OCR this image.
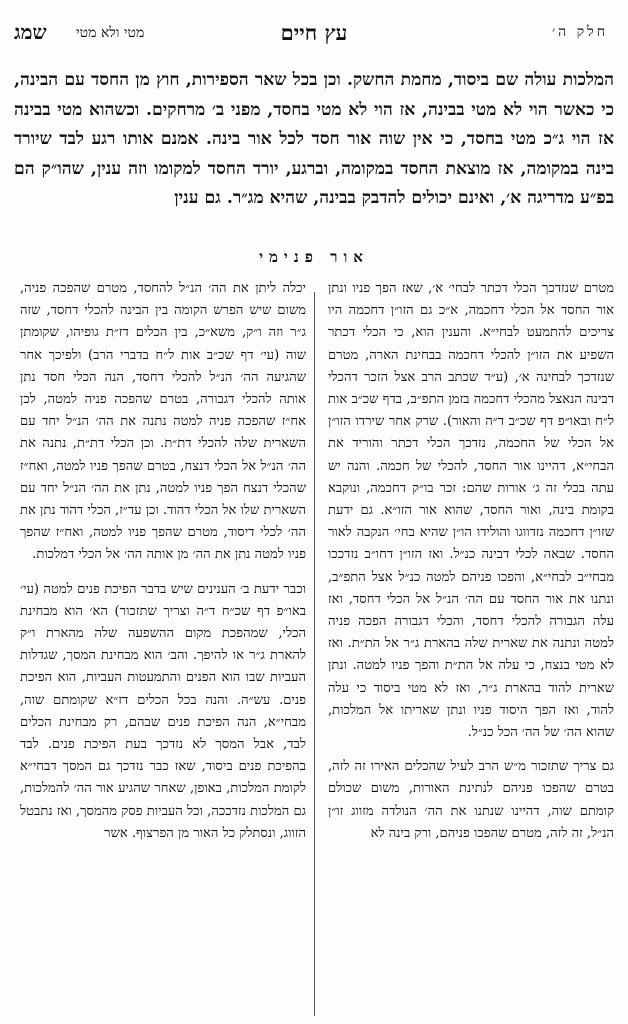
חלק ה׳
עץ חיים
מטי ולא מטי
שמג
המלכות עולה שם ביסוד, מחמת החשק. וכן בכל שאר הספירות, חוץ מן החסד עם הבינה, כי כאשר הוי לא מטי בבינה, אז הוי לא מטי בחסד, מפני ב׳ מרחקים. וכשהוא מטי בבינה אז הוי ג״כ מטי בחסד, כי אין שוה אור חסד לכל אור בינה. אמנם אותו רגע לבד שיורד בינה במקומה, אז מוצאת החסד במקומה, וברגע, יורד החסד למקומו וזה ענין, שהו״ק הם בפ״ע מדריגה א׳, ואינם יכולים להדבק בבינה, שהיא מג״ר. גם ענין
אור פנימי

מטרם שנזדכך הכלי דכתר לבחי׳ א׳, שאז הפך פניו ונתן אור החסד אל הכלי דחכמה, א״כ גם הזו״ן דחכמה היו צריכים להתמעט לבחי״א. והענין הוא, כי הכלי דכתר השפיע את הזו״ן להכלי דחכמה בבחינת הארה, מטרם שנזדכך לבחינה א׳, (ע״ד שכתב הרב אצל הזכר דהכלי דבינה הנאצל מהכלי דחכמה בזמן התפ״ב, בדף שכ״ב אות ל״ח ובאו״פ דף שכ״ב ד״ה והאור). שרק אחר שירדו הזו״ן אל הכלי של החכמה, נזדכך הכלי דכתר והוריד את הבחי״א, דהיינו אור החסד, להכלי של חכמה. והנה יש עתה בכלי זה ג׳ אורות שהם: זכר בו״ק דחכמה, ונוקבא בקומת בינה, ואור החסד, שהוא אור הזו״א. גם ידעת שזו״ן דחכמה נזדווגו והולידו הו״ן שהיא בחי׳ הנקבה לאור החסד. שבאה לכלי דבינה כנ״ל. ואז הזו״ן דחו״ב נזדככו מבחי״ב לבחי״א, והפכו פניהם למטה כנ״ל אצל התפ״ב, ונתנו את אור החסד עם הה׳ הנ״ל אל הכלי דחסד, ואז עלה הגבורה להכלי דחסד, והכלי דגבורה הפכה פניה למטה ונתנה את שארית שלה בהארת ג״ר אל הת״ת. ואז לא מטי בנצח, כי עלה אל הת״ת והפך פניו למטה. ונתן שארית להוד בהארת ג״ר, ואז לא מטי ביסוד כי עלה להוד, ואז הפך היסוד פניו ונתן שאריתו אל המלכות, שהוא הה׳ של הה׳ הכל כנ״ל.

גם צריך שתזכור מ״ש הרב לעיל שהכלים האירו זה לזה, בטרם שהפכו פניהם לנתינת האורות, משום שכולם קומתם שוה, דהיינו שנתנו את הה׳ הנולדה מזווג זו״ן הנ״ל, זה לזה, מטרם שהפכו פניהם, ורק בינה לא

יכלה ליתן את הה׳ הנ״ל להחסד, מטרם שהפכה פניה, משום שיש הפרש הקומה בין הבינה להכלי דחסד, שזה ג״ר וזה ו״ק, משא״כ, בין הכלים דז״ת גופיהו, שקומתן שוה (עי׳ דף שכ״ב אות ל״ח בדברי הרב) ולפיכך אחר שהגיעה הה׳ הנ״ל להכלי דחסד, הנה הכלי חסד נתן אותה להכלי דגבורה, בטרם שהפכה פניה למטה, לכן אח״ז שהפכה פניה למטה נתנה את הה׳ הנ״ל יחד עם השארית שלה להכלי דת״ת. וכן הכלי דת״ת, נתנה את הה׳ הנ״ל אל הכלי דנצח, בטרם שהפך פניו למטה, ואח״ז שהכלי דנצח הפך פניו למטה, נתן את הה׳ הנ״ל יחד עם השארית שלו אל הכלי דהוד. וכן עד״ז, הכלי דהוד נתן את הה׳ לכלי דיסוד, מטרם שהפך פניו למטה, ואח״ז שהפך פניו למטה נתן את הה׳ מן אותה הה׳ אל הכלי דמלכות.

וכבר ידעת ב׳ הענינים שיש בדבר הפיכת פנים למטה (עי׳ באו״פ דף שכ״ח ד״ה וצריך שתזכור) הא׳ הוא מבחינת הכלי, שמהפכת מקום ההשפעה שלה מהארת ו״ק להארת ג״ר או להיפך. והב׳ הוא מבחינת המסך, שגדלות העביות שבו הוא הפנים והתמעטות העביות, הוא הפיכת פנים. עש״ה. והנה בכל הכלים דז״א שקומתם שוה, מבחי״א, הנה הפיכת פנים שבהם, רק מבחינת הכלים לבד, אבל המסך לא נזדכך בעת הפיכת פנים. לבד בהפיכת פנים ביסוד, שאז כבר נזדכך גם המסך דבחי״א לקומת המלכות, באופן, שאחר שהגיע אור הה׳ להמלכות, גם המלכות נזדככה, וכל העביות פסק מהמסך, ואז נתבטל הזווג, ונסתלק כל האור מן הפרצוף. אשר
